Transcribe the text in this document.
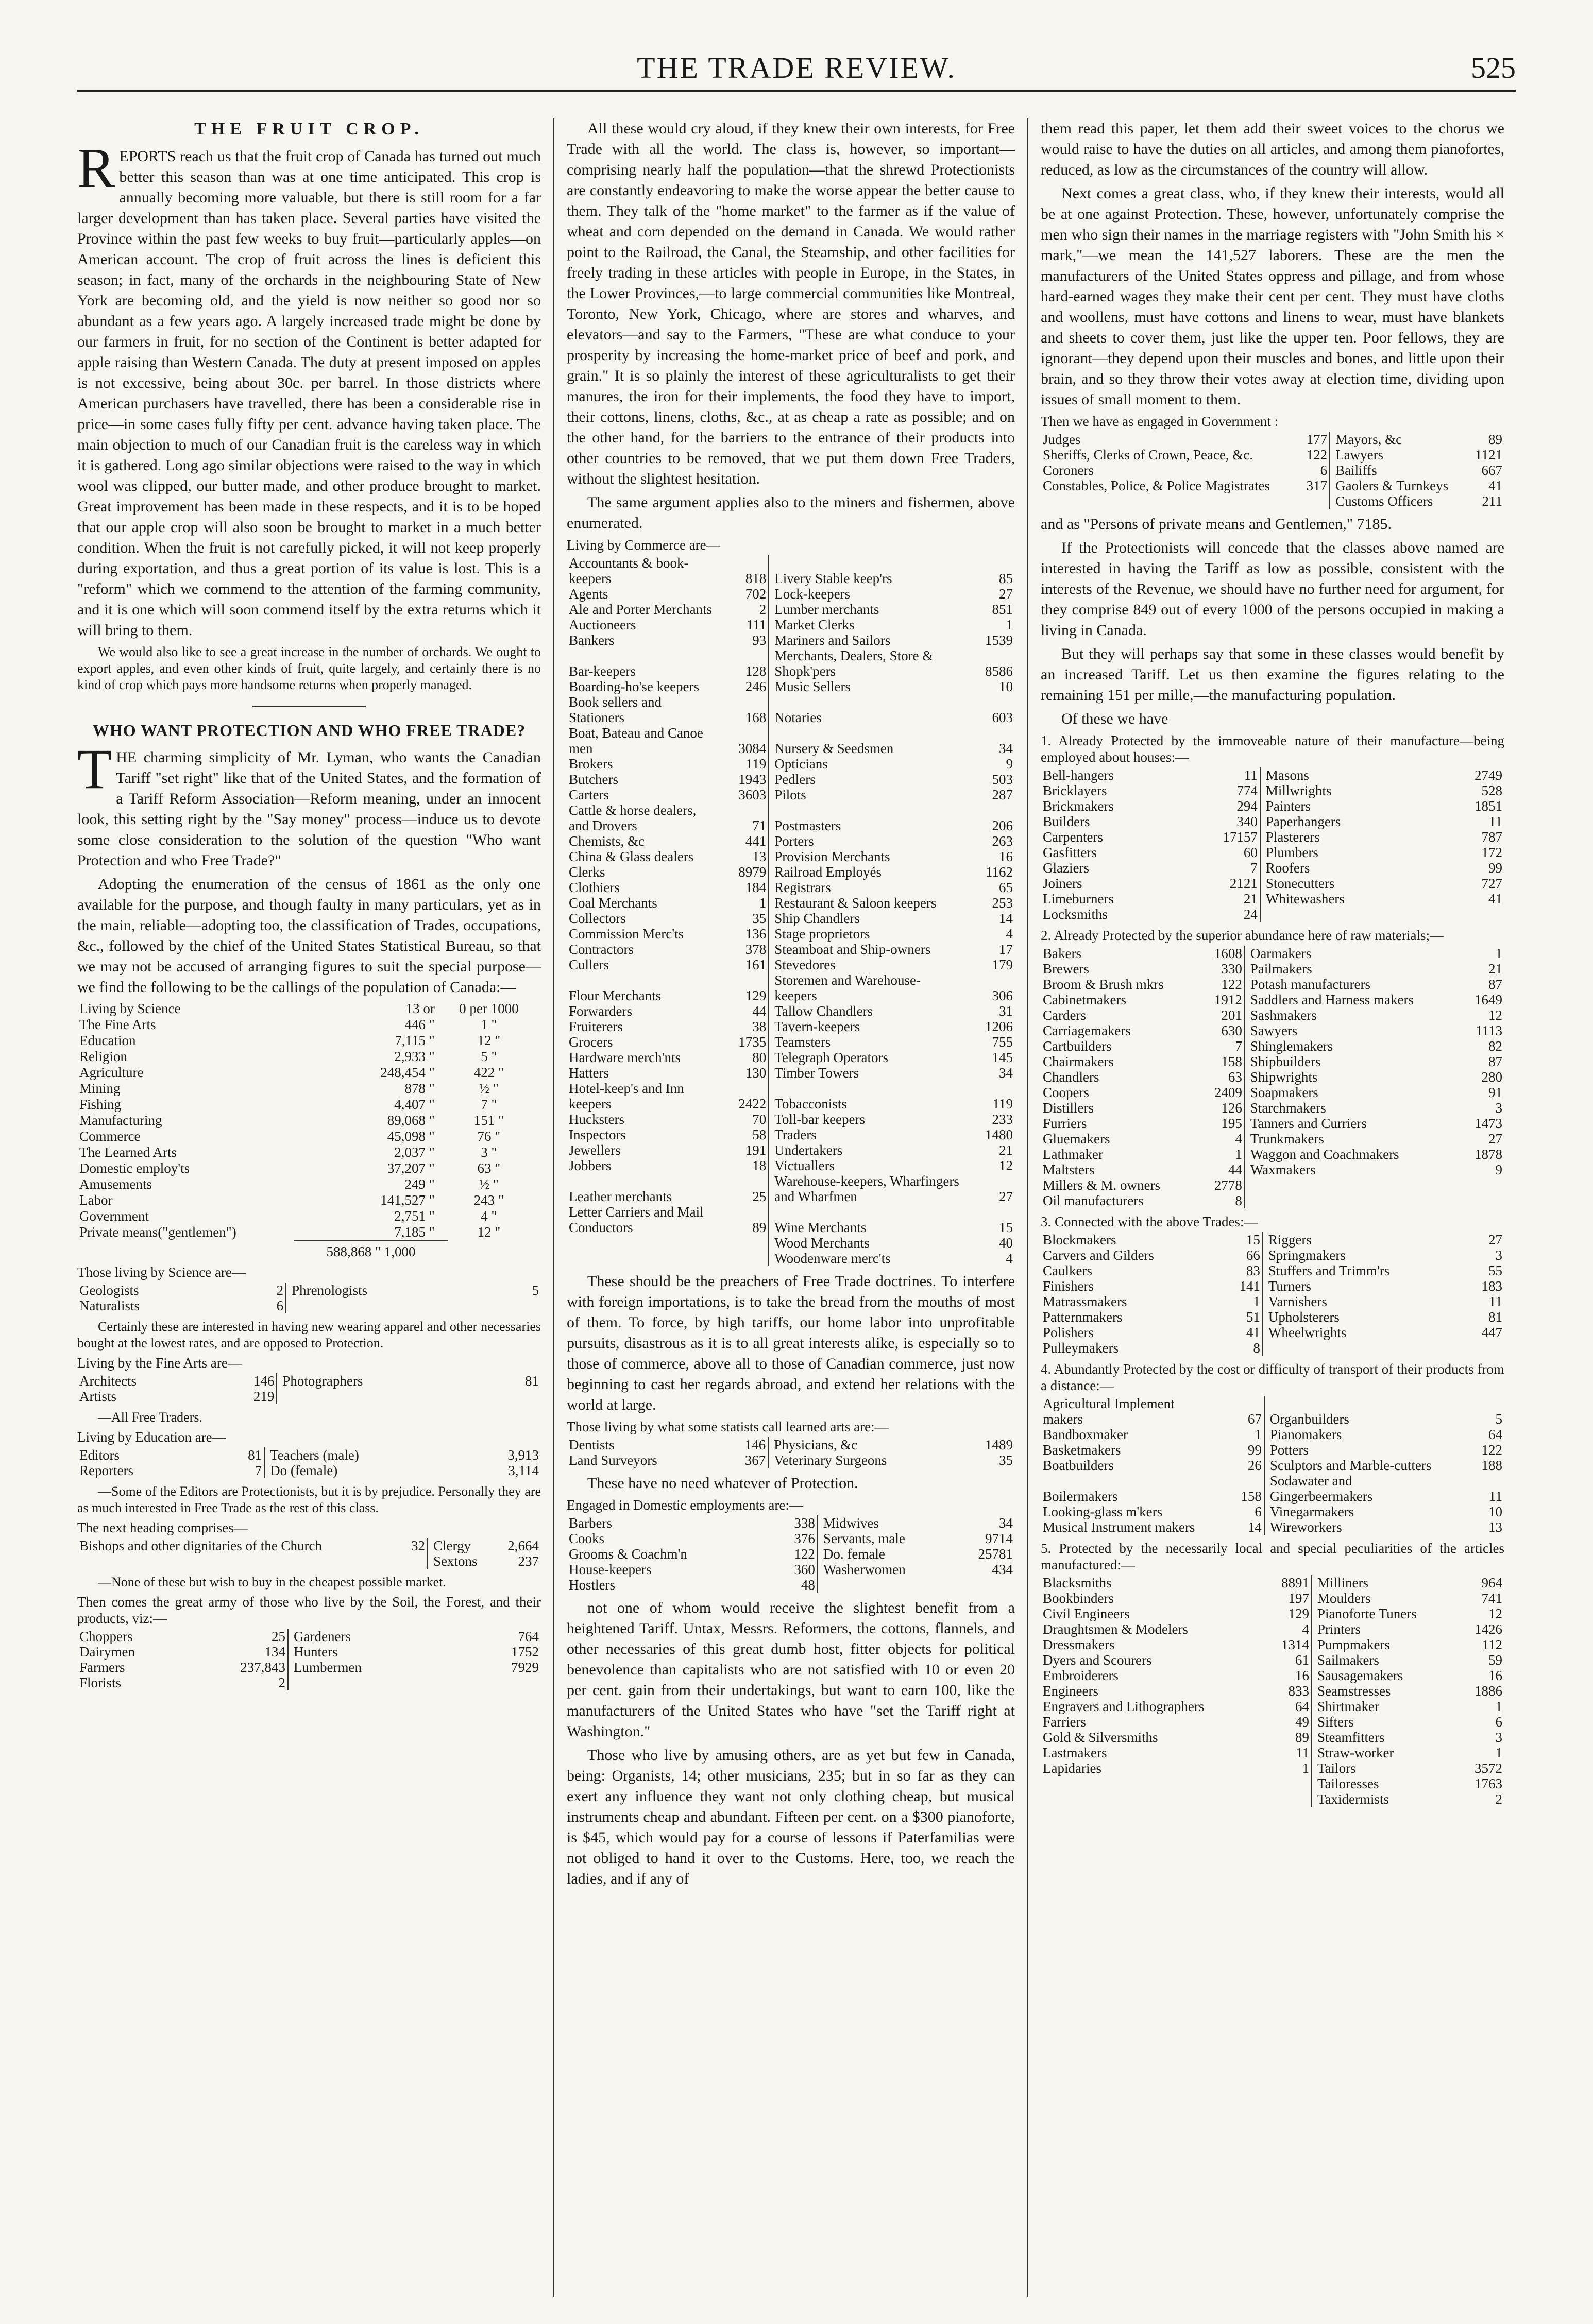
THE TRADE REVIEW.	525
THE FRUIT CROP.

REPORTS reach us that the fruit crop of Canada has turned out much better this season than was at one time anticipated. This crop is annually becoming more valuable, but there is still room for a far larger development than has taken place. Several parties have visited the Province within the past few weeks to buy fruit—particularly apples—on American account. The crop of fruit across the lines is deficient this season; in fact, many of the orchards in the neighbouring State of New York are becoming old, and the yield is now neither so good nor so abundant as a few years ago. A largely increased trade might be done by our farmers in fruit, for no section of the Continent is better adapted for apple raising than Western Canada. The duty at present imposed on apples is not excessive, being about 30c. per barrel. In those districts where American purchasers have travelled, there has been a considerable rise in price—in some cases fully fifty per cent. advance having taken place. The main objection to much of our Canadian fruit is the careless way in which it is gathered. Long ago similar objections were raised to the way in which wool was clipped, our butter made, and other produce brought to market. Great improvement has been made in these respects, and it is to be hoped that our apple crop will also soon be brought to market in a much better condition. When the fruit is not carefully picked, it will not keep properly during exportation, and thus a great portion of its value is lost. This is a "reform" which we commend to the attention of the farming community, and it is one which will soon commend itself by the extra returns which it will bring to them.

We would also like to see a great increase in the number of orchards. We ought to export apples, and even other kinds of fruit, quite largely, and certainly there is no kind of crop which pays more handsome returns when properly managed.

WHO WANT PROTECTION AND WHO FREE TRADE?

THE charming simplicity of Mr. Lyman, who wants the Canadian Tariff "set right" like that of the United States, and the formation of a Tariff Reform Association—Reform meaning, under an innocent look, this setting right by the "Say money" process—induce us to devote some close consideration to the solution of the question "Who want Protection and who Free Trade?"

Adopting the enumeration of the census of 1861 as the only one available for the purpose, and though faulty in many particulars, yet as in the main, reliable—adopting too, the classification of Trades, occupations, &c., followed by the chief of the United States Statistical Bureau, so that we may not be accused of arranging figures to suit the special purpose—we find the following to be the callings of the population of Canada:—

Living by Science	13 or	0 per 1000
The Fine Arts	446 "	1 "
Education	7,115 "	12 "
Religion	2,933 "	5 "
Agriculture	248,454 "	422 "
Mining	878 "	½ "
Fishing	4,407 "	7 "
Manufacturing	89,068 "	151 "
Commerce	45,098 "	76 "
The Learned Arts	2,037 "	3 "
Domestic employ'ts	37,207 "	63 "
Amusements	249 "	½ "
Labor	141,527 "	243 "
Government	2,751 "	4 "
Private means("gentlemen")	7,185 "	12 "
588,868 " 1,000
Those living by Science are—
Geologists	2	Phrenologists	5
Naturalists	6		

Certainly these are interested in having new wearing apparel and other necessaries bought at the lowest rates, and are opposed to Protection.

Living by the Fine Arts are—
Architects	146	Photographers	81
Artists	219		

—All Free Traders.

Living by Education are—
Editors	81	Teachers (male)	3,913
Reporters	7	Do (female)	3,114

—Some of the Editors are Protectionists, but it is by prejudice. Personally they are as much interested in Free Trade as the rest of this class.

The next heading comprises—
Bishops and other dignitaries of the Church	32	Clergy	2,664
		Sextons	237

—None of these but wish to buy in the cheapest possible market.

Then comes the great army of those who live by the Soil, the Forest, and their products, viz:—
Choppers	25	Gardeners	764
Dairymen	134	Hunters	1752
Farmers	237,843	Lumbermen	7929
Florists	2		

All these would cry aloud, if they knew their own interests, for Free Trade with all the world. The class is, however, so important—comprising nearly half the population—that the shrewd Protectionists are constantly endeavoring to make the worse appear the better cause to them. They talk of the "home market" to the farmer as if the value of wheat and corn depended on the demand in Canada. We would rather point to the Railroad, the Canal, the Steamship, and other facilities for freely trading in these articles with people in Europe, in the States, in the Lower Provinces,—to large commercial communities like Montreal, Toronto, New York, Chicago, where are stores and wharves, and elevators—and say to the Farmers, "These are what conduce to your prosperity by increasing the home-market price of beef and pork, and grain." It is so plainly the interest of these agriculturalists to get their manures, the iron for their implements, the food they have to import, their cottons, linens, cloths, &c., at as cheap a rate as possible; and on the other hand, for the barriers to the entrance of their products into other countries to be removed, that we put them down Free Traders, without the slightest hesitation.

The same argument applies also to the miners and fishermen, above enumerated.

Living by Commerce are—
Accountants & book-keepers	818	Livery Stable keep'rs	85
Agents	702	Lock-keepers	27
Ale and Porter Merchants	2	Lumber merchants	851
Auctioneers	111	Market Clerks	1
Bankers	93	Mariners and Sailors	1539
Bar-keepers	128	Merchants, Dealers, Store & Shopk'pers	8586
Boarding-ho'se keepers	246	Music Sellers	10
Book sellers and Stationers	168	Notaries	603
Boat, Bateau and Canoe men	3084	Nursery & Seedsmen	34
Brokers	119	Opticians	9
Butchers	1943	Pedlers	503
Carters	3603	Pilots	287
Cattle & horse dealers, and Drovers	71	Postmasters	206
Chemists, &c	441	Porters	263
China & Glass dealers	13	Provision Merchants	16
Clerks	8979	Railroad Employés	1162
Clothiers	184	Registrars	65
Coal Merchants	1	Restaurant & Saloon keepers	253
Collectors	35	Ship Chandlers	14
Commission Merc'ts	136	Stage proprietors	4
Contractors	378	Steamboat and Ship-owners	17
Cullers	161	Stevedores	179
Flour Merchants	129	Storemen and Warehouse-keepers	306
Forwarders	44	Tallow Chandlers	31
Fruiterers	38	Tavern-keepers	1206
Grocers	1735	Teamsters	755
Hardware merch'nts	80	Telegraph Operators	145
Hatters	130	Timber Towers	34
Hotel-keep's and Inn keepers	2422	Tobacconists	119
Hucksters	70	Toll-bar keepers	233
Inspectors	58	Traders	1480
Jewellers	191	Undertakers	21
Jobbers	18	Victuallers	12
Leather merchants	25	Warehouse-keepers, Wharfingers and Wharfmen	27
Letter Carriers and Mail Conductors	89	Wine Merchants	15
		Wood Merchants	40
		Woodenware merc'ts	4

These should be the preachers of Free Trade doctrines. To interfere with foreign importations, is to take the bread from the mouths of most of them. To force, by high tariffs, our home labor into unprofitable pursuits, disastrous as it is to all great interests alike, is especially so to those of commerce, above all to those of Canadian commerce, just now beginning to cast her regards abroad, and extend her relations with the world at large.

Those living by what some statists call learned arts are:—
Dentists	146	Physicians, &c	1489
Land Surveyors	367	Veterinary Surgeons	35

These have no need whatever of Protection.

Engaged in Domestic employments are:—
Barbers	338	Midwives	34
Cooks	376	Servants, male	9714
Grooms & Coachm'n	122	Do. female	25781
House-keepers	360	Washerwomen	434
Hostlers	48		

not one of whom would receive the slightest benefit from a heightened Tariff. Untax, Messrs. Reformers, the cottons, flannels, and other necessaries of this great dumb host, fitter objects for political benevolence than capitalists who are not satisfied with 10 or even 20 per cent. gain from their undertakings, but want to earn 100, like the manufacturers of the United States who have "set the Tariff right at Washington."

Those who live by amusing others, are as yet but few in Canada, being: Organists, 14; other musicians, 235; but in so far as they can exert any influence they want not only clothing cheap, but musical instruments cheap and abundant. Fifteen per cent. on a $300 pianoforte, is $45, which would pay for a course of lessons if Paterfamilias were not obliged to hand it over to the Customs. Here, too, we reach the ladies, and if any of

them read this paper, let them add their sweet voices to the chorus we would raise to have the duties on all articles, and among them pianofortes, reduced, as low as the circumstances of the country will allow.

Next comes a great class, who, if they knew their interests, would all be at one against Protection. These, however, unfortunately comprise the men who sign their names in the marriage registers with "John Smith his × mark,"—we mean the 141,527 laborers. These are the men the manufacturers of the United States oppress and pillage, and from whose hard-earned wages they make their cent per cent. They must have cloths and woollens, must have cottons and linens to wear, must have blankets and sheets to cover them, just like the upper ten. Poor fellows, they are ignorant—they depend upon their muscles and bones, and little upon their brain, and so they throw their votes away at election time, dividing upon issues of small moment to them.

Then we have as engaged in Government :
Judges	177	Mayors, &c	89
Sheriffs, Clerks of Crown, Peace, &c.	122	Lawyers	1121
Coroners	6	Bailiffs	667
Constables, Police, & Police Magistrates	317	Gaolers & Turnkeys	41
		Customs Officers	211

and as "Persons of private means and Gentlemen," 7185.

If the Protectionists will concede that the classes above named are interested in having the Tariff as low as possible, consistent with the interests of the Revenue, we should have no further need for argument, for they comprise 849 out of every 1000 of the persons occupied in making a living in Canada.

But they will perhaps say that some in these classes would benefit by an increased Tariff. Let us then examine the figures relating to the remaining 151 per mille,—the manufacturing population.

Of these we have

1. Already Protected by the immoveable nature of their manufacture—being employed about houses:—
Bell-hangers	11	Masons	2749
Bricklayers	774	Millwrights	528
Brickmakers	294	Painters	1851
Builders	340	Paperhangers	11
Carpenters	17157	Plasterers	787
Gasfitters	60	Plumbers	172
Glaziers	7	Roofers	99
Joiners	2121	Stonecutters	727
Limeburners	21	Whitewashers	41
Locksmiths	24		
2. Already Protected by the superior abundance here of raw materials;—
Bakers	1608	Oarmakers	1
Brewers	330	Pailmakers	21
Broom & Brush mkrs	122	Potash manufacturers	87
Cabinetmakers	1912	Saddlers and Harness makers	1649
Carders	201	Sashmakers	12
Carriagemakers	630	Sawyers	1113
Cartbuilders	7	Shinglemakers	82
Chairmakers	158	Shipbuilders	87
Chandlers	63	Shipwrights	280
Coopers	2409	Soapmakers	91
Distillers	126	Starchmakers	3
Furriers	195	Tanners and Curriers	1473
Gluemakers	4	Trunkmakers	27
Lathmaker	1	Waggon and Coachmakers	1878
Maltsters	44	Waxmakers	9
Millers & M. owners	2778		
Oil manufacturers	8		
3. Connected with the above Trades:—
Blockmakers	15	Riggers	27
Carvers and Gilders	66	Springmakers	3
Caulkers	83	Stuffers and Trimm'rs	55
Finishers	141	Turners	183
Matrassmakers	1	Varnishers	11
Patternmakers	51	Upholsterers	81
Polishers	41	Wheelwrights	447
Pulleymakers	8		
4. Abundantly Protected by the cost or difficulty of transport of their products from a distance:—
Agricultural Implement makers	67	Organbuilders	5
Bandboxmaker	1	Pianomakers	64
Basketmakers	99	Potters	122
Boatbuilders	26	Sculptors and Marble-cutters	188
Boilermakers	158	Sodawater and Gingerbeermakers	11
Looking-glass m'kers	6	Vinegarmakers	10
Musical Instrument makers	14	Wireworkers	13
5. Protected by the necessarily local and special peculiarities of the articles manufactured:—
Blacksmiths	8891	Milliners	964
Bookbinders	197	Moulders	741
Civil Engineers	129	Pianoforte Tuners	12
Draughtsmen & Modelers	4	Printers	1426
Dressmakers	1314	Pumpmakers	112
Dyers and Scourers	61	Sailmakers	59
Embroiderers	16	Sausagemakers	16
Engineers	833	Seamstresses	1886
Engravers and Lithographers	64	Shirtmaker	1
Farriers	49	Sifters	6
Gold & Silversmiths	89	Steamfitters	3
Lastmakers	11	Straw-worker	1
Lapidaries	1	Tailors	3572
		Tailoresses	1763
		Taxidermists	2
